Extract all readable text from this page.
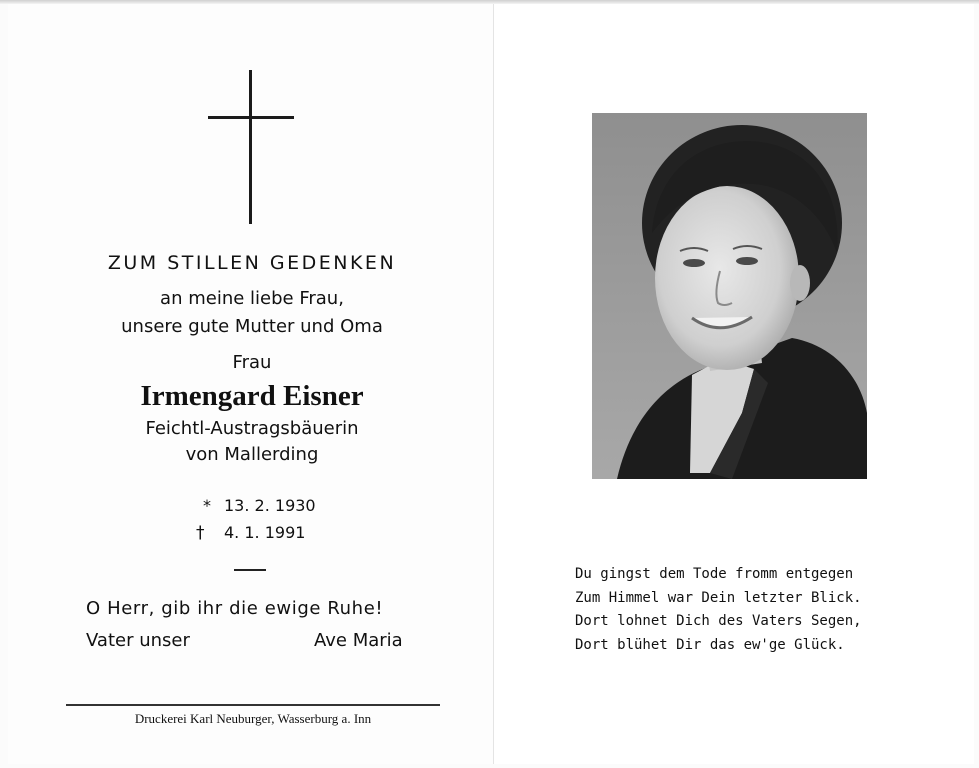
ZUM STILLEN GEDENKEN
an meine liebe Frau,
unsere gute Mutter und Oma
Frau
Irmengard Eisner
Feichtl-Austragsbäuerin
von Mallerding
* 13. 2. 1930
† 4. 1. 1991
O Herr, gib ihr die ewige Ruhe!
Vater unser	Ave Maria
Druckerei Karl Neuburger, Wasserburg a. Inn
Du gingst dem Tode fromm entgegen
Zum Himmel war Dein letzter Blick.
Dort lohnet Dich des Vaters Segen,
Dort blühet Dir das ew'ge Glück.
